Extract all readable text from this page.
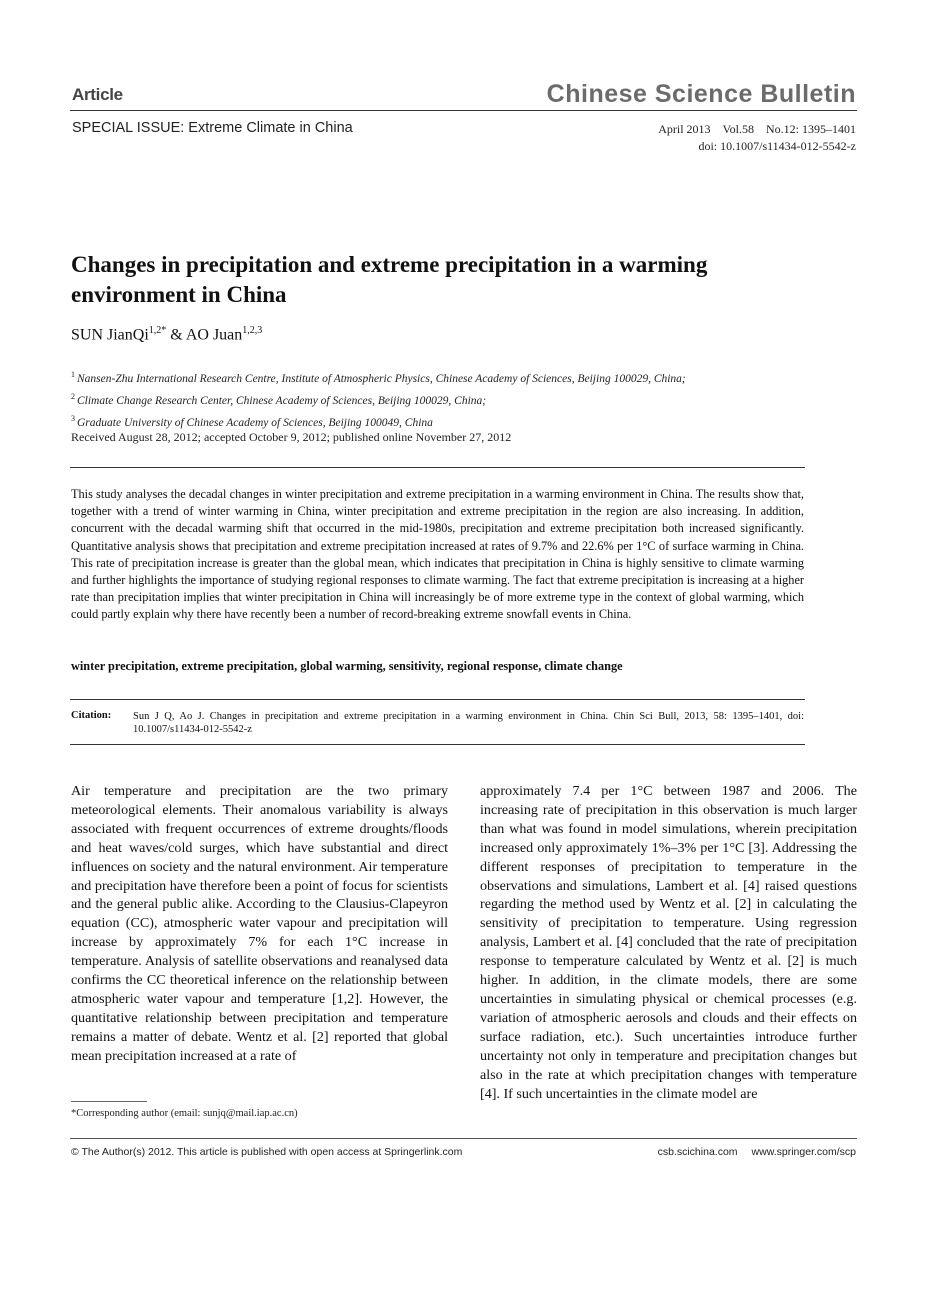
Article	Chinese Science Bulletin
SPECIAL ISSUE: Extreme Climate in China	April 2013 Vol.58 No.12: 1395–1401
doi: 10.1007/s11434-012-5542-z
Changes in precipitation and extreme precipitation in a warming environment in China
SUN JianQi$^{1,2*}$ & AO Juan$^{1,2,3}$
$^1$ Nansen-Zhu International Research Centre, Institute of Atmospheric Physics, Chinese Academy of Sciences, Beijing 100029, China;
$^2$ Climate Change Research Center, Chinese Academy of Sciences, Beijing 100029, China;
$^3$ Graduate University of Chinese Academy of Sciences, Beijing 100049, China
Received August 28, 2012; accepted October 9, 2012; published online November 27, 2012
This study analyses the decadal changes in winter precipitation and extreme precipitation in a warming environment in China. The results show that, together with a trend of winter warming in China, winter precipitation and extreme precipitation in the region are also increasing. In addition, concurrent with the decadal warming shift that occurred in the mid-1980s, precipitation and extreme precipitation both increased significantly. Quantitative analysis shows that precipitation and extreme precipitation increased at rates of 9.7% and 22.6% per 1°C of surface warming in China. This rate of precipitation increase is greater than the global mean, which indicates that precipitation in China is highly sensitive to climate warming and further highlights the importance of studying regional responses to climate warming. The fact that extreme precipitation is increasing at a higher rate than precipitation implies that winter precipitation in China will increasingly be of more extreme type in the context of global warming, which could partly explain why there have recently been a number of record-breaking extreme snowfall events in China.
winter precipitation, extreme precipitation, global warming, sensitivity, regional response, climate change
Citation: Sun J Q, Ao J. Changes in precipitation and extreme precipitation in a warming environment in China. Chin Sci Bull, 2013, 58: 1395–1401, doi: 10.1007/s11434-012-5542-z

Air temperature and precipitation are the two primary meteorological elements. Their anomalous variability is always associated with frequent occurrences of extreme droughts/floods and heat waves/cold surges, which have substantial and direct influences on society and the natural environment. Air temperature and precipitation have therefore been a point of focus for scientists and the general public alike. According to the Clausius-Clapeyron equation (CC), atmospheric water vapour and precipitation will increase by approximately 7% for each 1°C increase in temperature. Analysis of satellite observations and reanalysed data confirms the CC theoretical inference on the relationship between atmospheric water vapour and temperature [1,2]. However, the quantitative relationship between precipitation and temperature remains a matter of debate. Wentz et al. [2] reported that global mean precipitation increased at a rate of

approximately 7.4 per 1°C between 1987 and 2006. The increasing rate of precipitation in this observation is much larger than what was found in model simulations, wherein precipitation increased only approximately 1%–3% per 1°C [3]. Addressing the different responses of precipitation to temperature in the observations and simulations, Lambert et al. [4] raised questions regarding the method used by Wentz et al. [2] in calculating the sensitivity of precipitation to temperature. Using regression analysis, Lambert et al. [4] concluded that the rate of precipitation response to temperature calculated by Wentz et al. [2] is much higher. In addition, in the climate models, there are some uncertainties in simulating physical or chemical processes (e.g. variation of atmospheric aerosols and clouds and their effects on surface radiation, etc.). Such uncertainties introduce further uncertainty not only in temperature and precipitation changes but also in the rate at which precipitation changes with temperature [4]. If such uncertainties in the climate model are

*Corresponding author (email: sunjq@mail.iap.ac.cn)
© The Author(s) 2012. This article is published with open access at Springerlink.com	csb.scichina.com www.springer.com/scp
